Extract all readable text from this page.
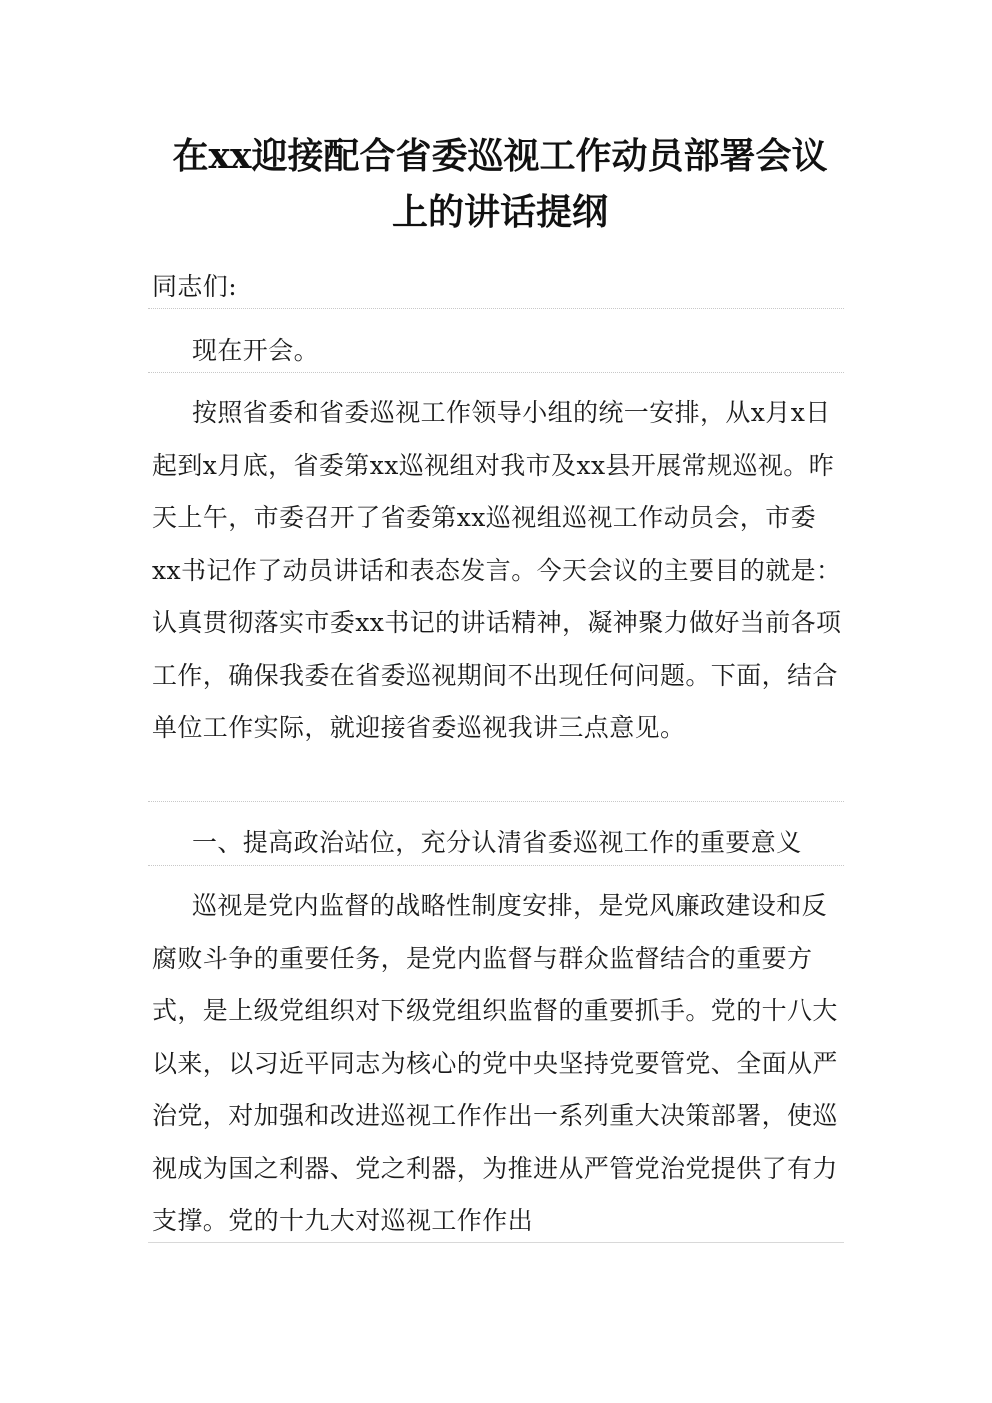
在xx迎接配合省委巡视工作动员部署会议
上的讲话提纲
同志们:
现在开会。
按照省委和省委巡视工作领导小组的统一安排，从x月x日起到x月底，省委第xx巡视组对我市及xx县开展常规巡视。昨天上午，市委召开了省委第xx巡视组巡视工作动员会，市委xx书记作了动员讲话和表态发言。今天会议的主要目的就是：认真贯彻落实市委xx书记的讲话精神，凝神聚力做好当前各项工作，确保我委在省委巡视期间不出现任何问题。下面，结合单位工作实际，就迎接省委巡视我讲三点意见。
一、提高政治站位，充分认清省委巡视工作的重要意义
巡视是党内监督的战略性制度安排，是党风廉政建设和反腐败斗争的重要任务，是党内监督与群众监督结合的重要方式，是上级党组织对下级党组织监督的重要抓手。党的十八大以来，以习近平同志为核心的党中央坚持党要管党、全面从严治党，对加强和改进巡视工作作出一系列重大决策部署，使巡视成为国之利器、党之利器，为推进从严管党治党提供了有力支撑。党的十九大对巡视工作作出
